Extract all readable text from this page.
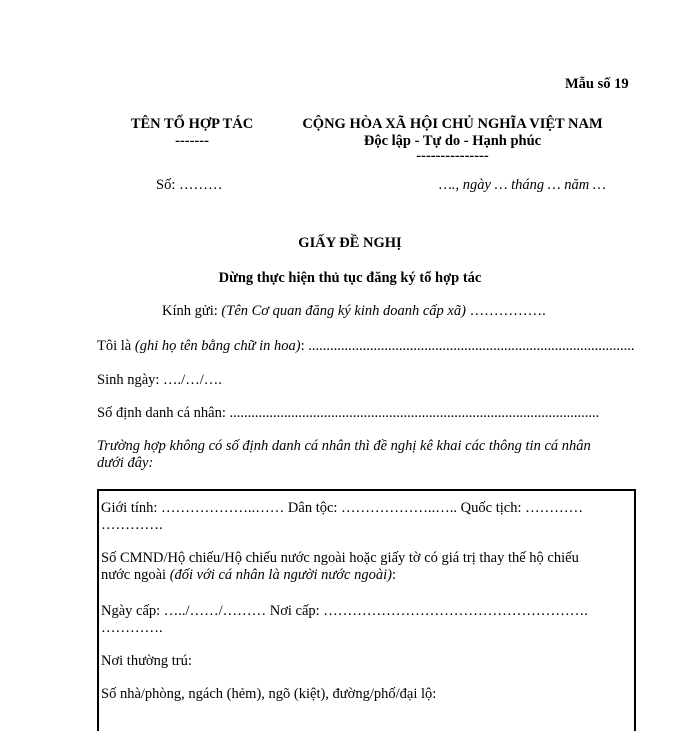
Mẫu số 19
TÊN TỔ HỢP TÁC
-------
CỘNG HÒA XÃ HỘI CHỦ NGHĨA VIỆT NAM
Độc lập - Tự do - Hạnh phúc
---------------
Số: ………	…., ngày … tháng … năm …
GIẤY ĐỀ NGHỊ
Dừng thực hiện thủ tục đăng ký tổ hợp tác
Kính gửi: (Tên Cơ quan đăng ký kinh doanh cấp xã) …………….
Tôi là (ghi họ tên bằng chữ in hoa): ..........................................................................................
Sinh ngày: …./…/….
Số định danh cá nhân: ......................................................................................................
Trường hợp không có số định danh cá nhân thì đề nghị kê khai các thông tin cá nhân
dưới đây:
Giới tính: ………………..…… Dân tộc: ………………..….. Quốc tịch: …………
………….
Số CMND/Hộ chiếu/Hộ chiếu nước ngoài hoặc giấy tờ có giá trị thay thế hộ chiếu
nước ngoài (đối với cá nhân là người nước ngoài):
Ngày cấp: …../……/……… Nơi cấp: ……………………………………………….
………….
Nơi thường trú:
Số nhà/phòng, ngách (hẻm), ngõ (kiệt), đường/phố/đại lộ:
